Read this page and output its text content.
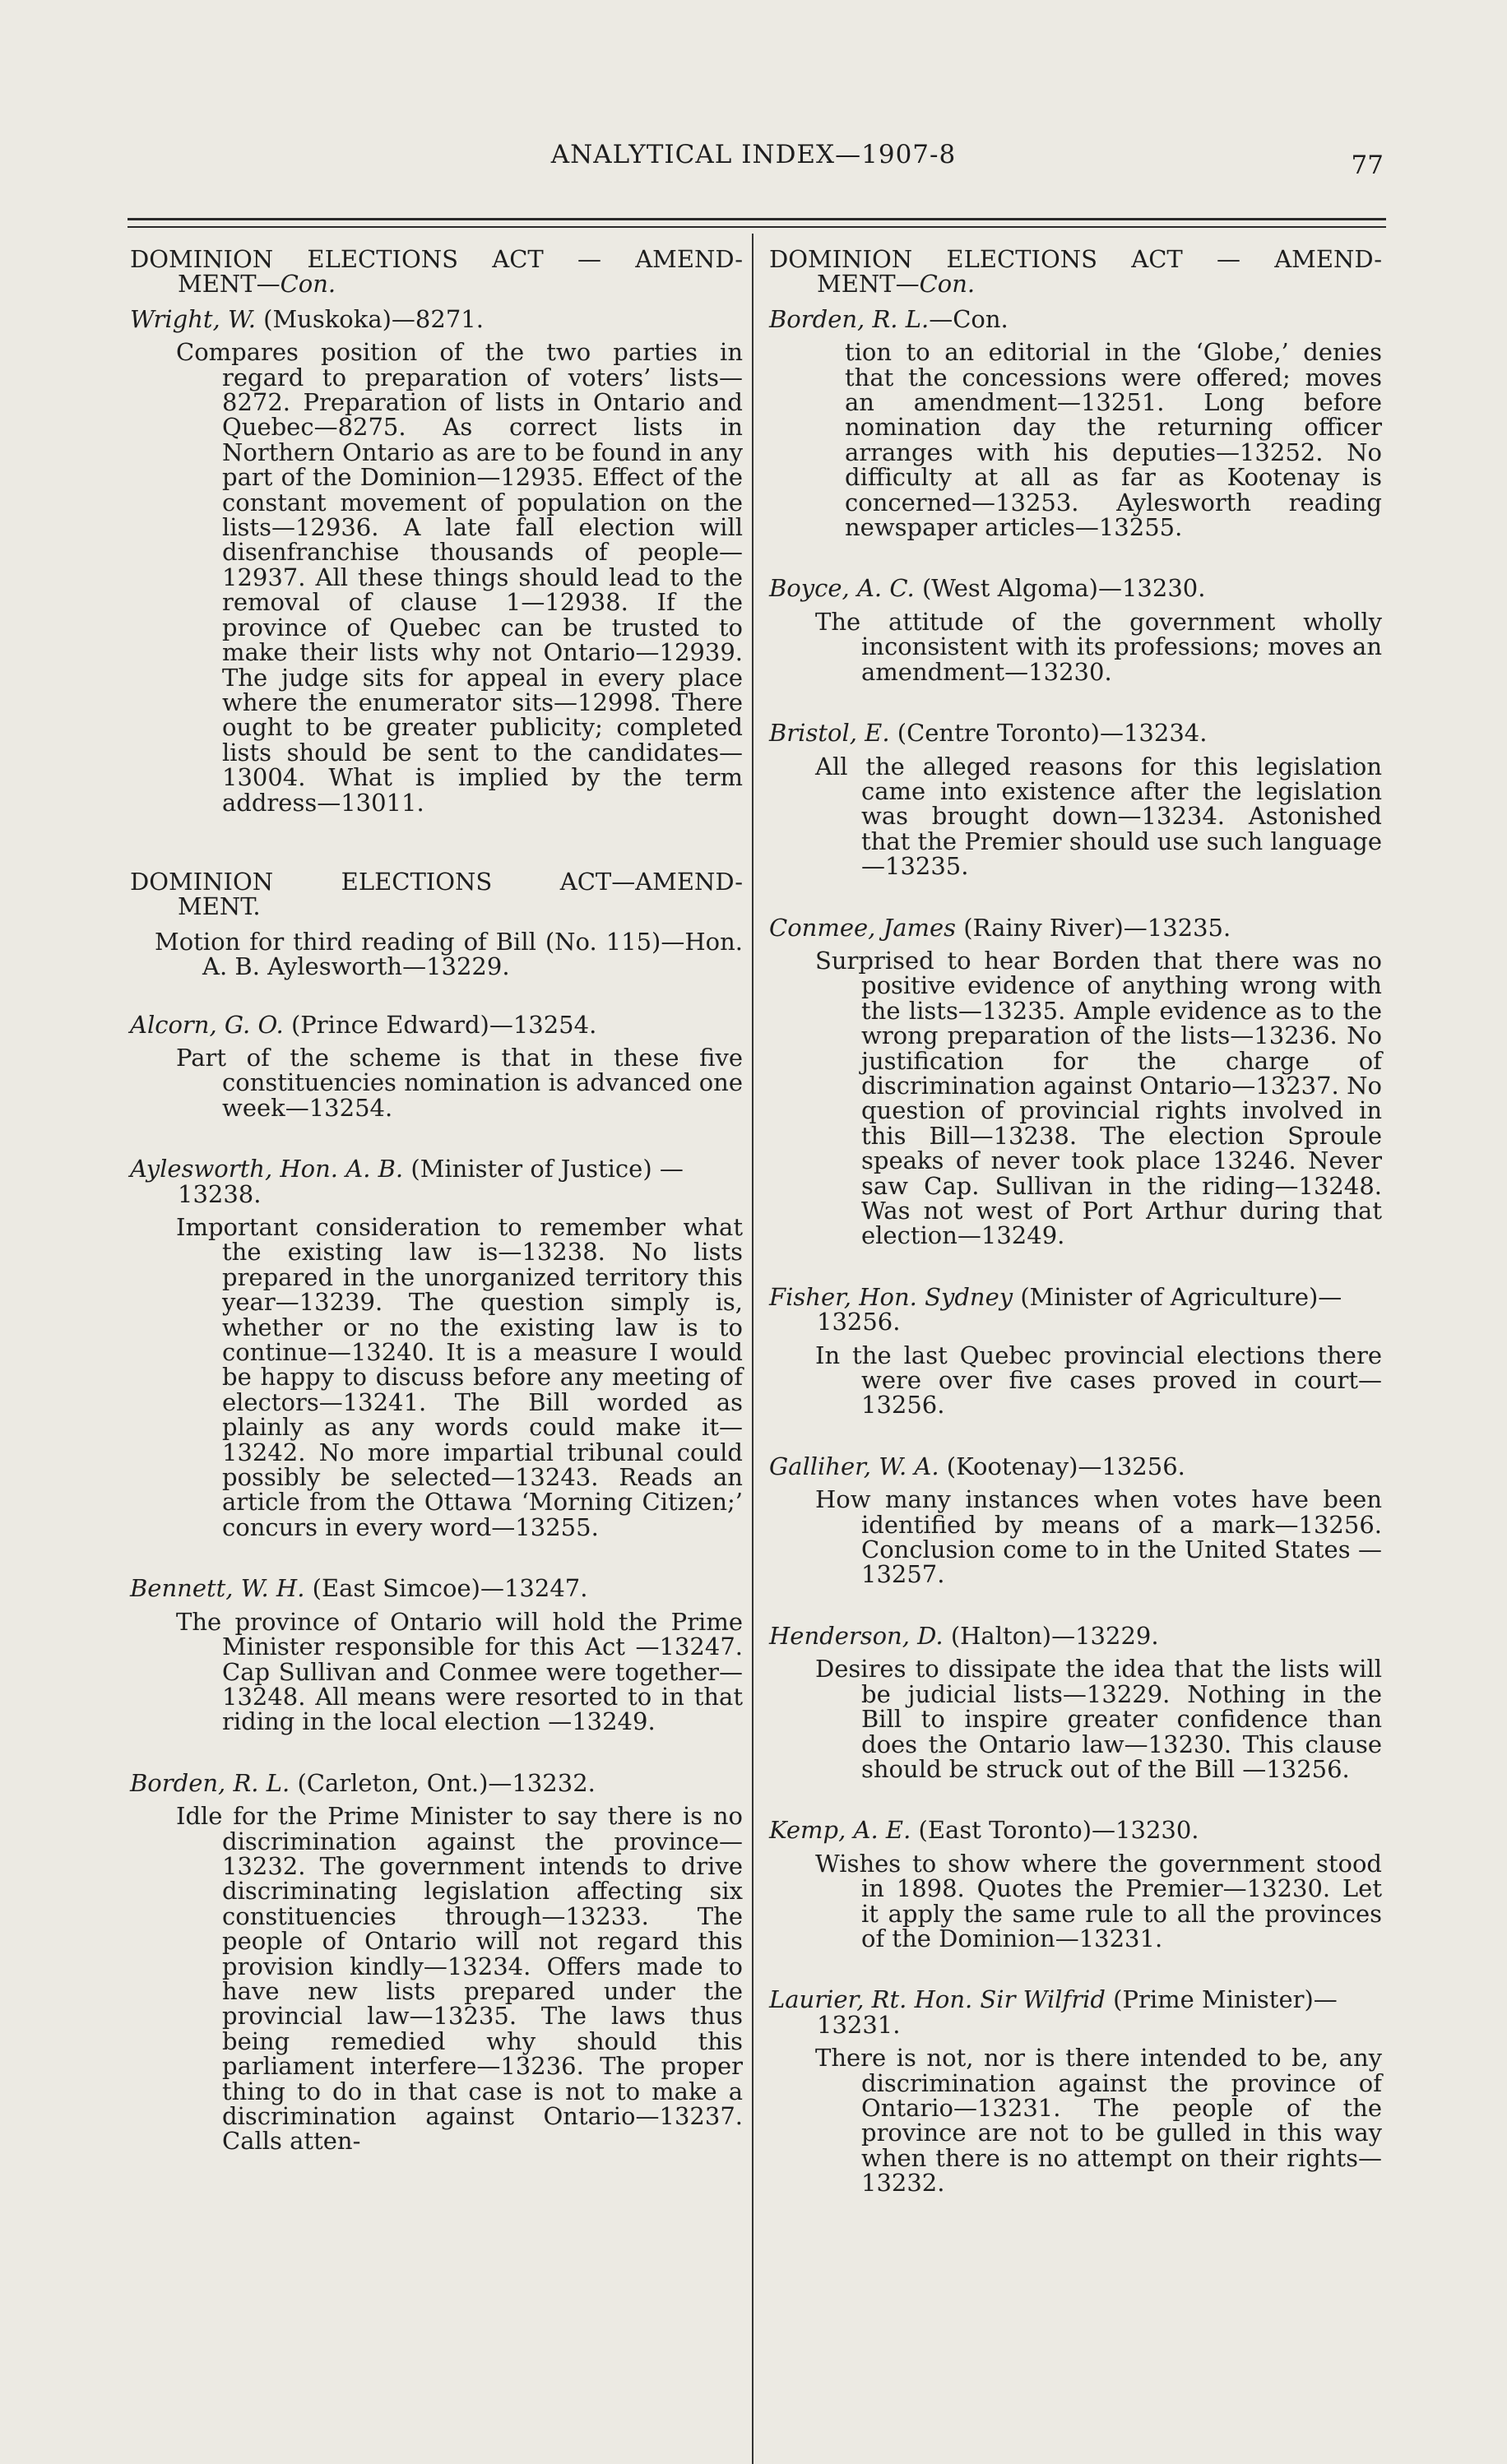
ANALYTICAL INDEX—1907-8	77
DOMINION ELECTIONS ACT — AMEND-
MENT—Con.

Wright, W. (Muskoka)—8271.

Compares position of the two parties in regard to preparation of voters’ lists—8272. Preparation of lists in Ontario and Quebec—8275. As correct lists in Northern Ontario as are to be found in any part of the Dominion—12935. Effect of the constant movement of population on the lists—12936. A late fall election will disenfranchise thousands of people—12937. All these things should lead to the removal of clause 1—12938. If the province of Quebec can be trusted to make their lists why not Ontario—12939. The judge sits for appeal in every place where the enumerator sits—12998. There ought to be greater publicity; completed lists should be sent to the candidates—13004. What is implied by the term address—13011.

DOMINION ELECTIONS ACT—AMEND-
MENT.

Motion for third reading of Bill (No. 115)—Hon. A. B. Aylesworth—13229.

Alcorn, G. O. (Prince Edward)—13254.

Part of the scheme is that in these five constituencies nomination is advanced one week—13254.

Aylesworth, Hon. A. B. (Minister of Justice) —13238.

Important consideration to remember what the existing law is—13238. No lists prepared in the unorganized territory this year—13239. The question simply is, whether or no the existing law is to continue—13240. It is a measure I would be happy to discuss before any meeting of electors—13241. The Bill worded as plainly as any words could make it—13242. No more impartial tribunal could possibly be selected—13243. Reads an article from the Ottawa ‘Morning Citizen;’ concurs in every word—13255.

Bennett, W. H. (East Simcoe)—13247.

The province of Ontario will hold the Prime Minister responsible for this Act —13247. Cap Sullivan and Conmee were together—13248. All means were resorted to in that riding in the local election —13249.

Borden, R. L. (Carleton, Ont.)—13232.

Idle for the Prime Minister to say there is no discrimination against the province—13232. The government intends to drive discriminating legislation affecting six constituencies through—13233. The people of Ontario will not regard this provision kindly—13234. Offers made to have new lists prepared under the provincial law—13235. The laws thus being remedied why should this parliament interfere—13236. The proper thing to do in that case is not to make a discrimination against Ontario—13237. Calls atten-

DOMINION ELECTIONS ACT — AMEND-
MENT—Con.

Borden, R. L.—Con.

tion to an editorial in the ‘Globe,’ denies that the concessions were offered; moves an amendment—13251. Long before nomination day the returning officer arranges with his deputies—13252. No difficulty at all as far as Kootenay is concerned—13253. Aylesworth reading newspaper articles—13255.

Boyce, A. C. (West Algoma)—13230.

The attitude of the government wholly inconsistent with its professions; moves an amendment—13230.

Bristol, E. (Centre Toronto)—13234.

All the alleged reasons for this legislation came into existence after the legislation was brought down—13234. Astonished that the Premier should use such language—13235.

Conmee, James (Rainy River)—13235.

Surprised to hear Borden that there was no positive evidence of anything wrong with the lists—13235. Ample evidence as to the wrong preparation of the lists—13236. No justification for the charge of discrimination against Ontario—13237. No question of provincial rights involved in this Bill—13238. The election Sproule speaks of never took place 13246. Never saw Cap. Sullivan in the riding—13248. Was not west of Port Arthur during that election—13249.

Fisher, Hon. Sydney (Minister of Agriculture)—13256.

In the last Quebec provincial elections there were over five cases proved in court—13256.

Galliher, W. A. (Kootenay)—13256.

How many instances when votes have been identified by means of a mark—13256. Conclusion come to in the United States —13257.

Henderson, D. (Halton)—13229.

Desires to dissipate the idea that the lists will be judicial lists—13229. Nothing in the Bill to inspire greater confidence than does the Ontario law—13230. This clause should be struck out of the Bill —13256.

Kemp, A. E. (East Toronto)—13230.

Wishes to show where the government stood in 1898. Quotes the Premier—13230. Let it apply the same rule to all the provinces of the Dominion—13231.

Laurier, Rt. Hon. Sir Wilfrid (Prime Minister)—13231.

There is not, nor is there intended to be, any discrimination against the province of Ontario—13231. The people of the province are not to be gulled in this way when there is no attempt on their rights—13232.
